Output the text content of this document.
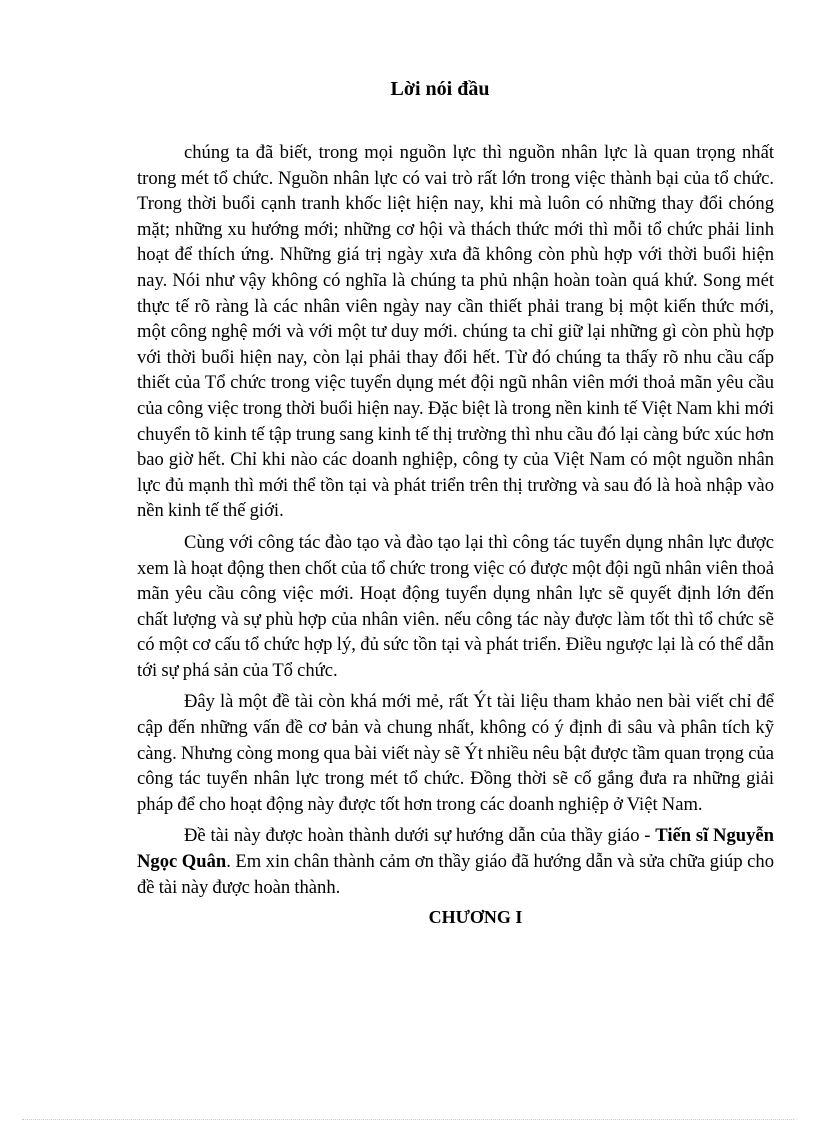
Lời nói đầu

chúng ta đã biết, trong mọi nguồn lực thì nguồn nhân lực là quan trọng nhất trong mét tổ chức. Nguồn nhân lực có vai trò rất lớn trong việc thành bại của tổ chức. Trong thời buổi cạnh tranh khốc liệt hiện nay, khi mà luôn có những thay đổi chóng mặt; những xu hướng mới; những cơ hội và thách thức mới thì mỗi tổ chức phải linh hoạt để thích ứng. Những giá trị ngày xưa đã không còn phù hợp với thời buổi hiện nay. Nói như vậy không có nghĩa là chúng ta phủ nhận hoàn toàn quá khứ. Song mét thực tế rõ ràng là các nhân viên ngày nay cần thiết phải trang bị một kiến thức mới, một công nghệ mới và với một tư duy mới. chúng ta chỉ giữ lại những gì còn phù hợp với thời buổi hiện nay, còn lại phải thay đổi hết. Từ đó chúng ta thấy rõ nhu cầu cấp thiết của Tổ chức trong việc tuyển dụng mét đội ngũ nhân viên mới thoả mãn yêu cầu của công việc trong thời buổi hiện nay. Đặc biệt là trong nền kinh tế Việt Nam khi mới chuyển tõ kinh tế tập trung sang kinh tế thị trường thì nhu cầu đó lại càng bức xúc hơn bao giờ hết. Chỉ khi nào các doanh nghiệp, công ty của Việt Nam có một nguồn nhân lực đủ mạnh thì mới thể tồn tại và phát triển trên thị trường và sau đó là hoà nhập vào nền kinh tế thế giới.

Cùng với công tác đào tạo và đào tạo lại thì công tác tuyển dụng nhân lực được xem là hoạt động then chốt của tổ chức trong việc có được một đội ngũ nhân viên thoả mãn yêu cầu công việc mới. Hoạt động tuyển dụng nhân lực sẽ quyết định lớn đến chất lượng và sự phù hợp của nhân viên. nếu công tác này được làm tốt thì tổ chức sẽ có một cơ cấu tổ chức hợp lý, đủ sức tồn tại và phát triển. Điều ngược lại là có thể dẫn tới sự phá sản của Tổ chức.

Đây là một đề tài còn khá mới mẻ, rất Ýt tài liệu tham khảo nen bài viết chỉ để cập đến những vấn đề cơ bản và chung nhất, không có ý định đi sâu và phân tích kỹ càng. Nhưng còng mong qua bài viết này sẽ Ýt nhiều nêu bật được tầm quan trọng của công tác tuyển nhân lực trong mét tổ chức. Đồng thời sẽ cố gắng đưa ra những giải pháp để cho hoạt động này được tốt hơn trong các doanh nghiệp ở Việt Nam.

Đề tài này được hoàn thành dưới sự hướng dẫn của thầy giáo - Tiến sĩ Nguyễn Ngọc Quân. Em xin chân thành cảm ơn thầy giáo đã hướng dẫn và sửa chữa giúp cho đề tài này được hoàn thành.

CHƯƠNG I
